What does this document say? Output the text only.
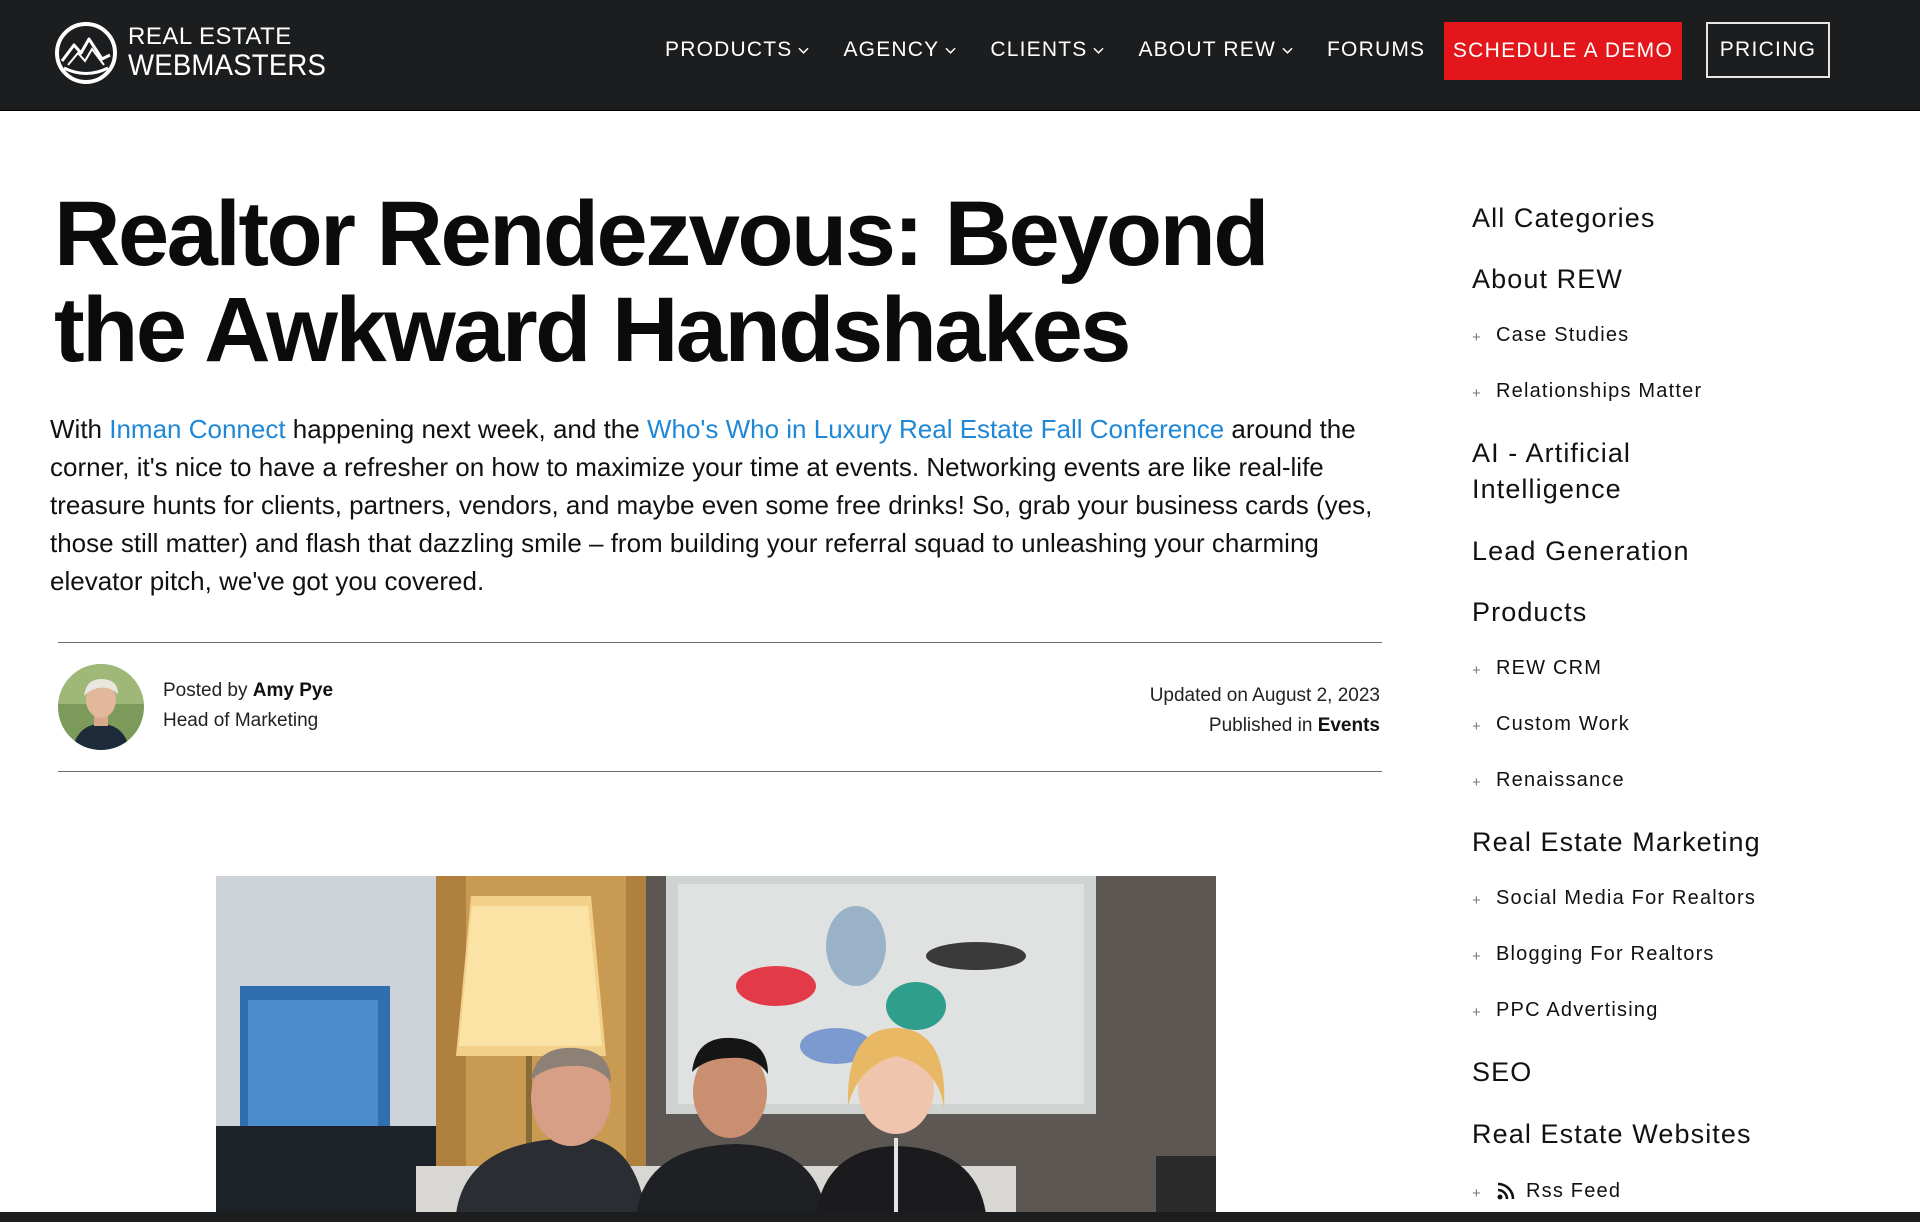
REAL ESTATE
WEBMASTERS	PRODUCTS AGENCY CLIENTS ABOUT REW FORUMS	SCHEDULE A DEMO	PRICING
Realtor Rendezvous: Beyond the Awkward Handshakes

With Inman Connect happening next week, and the Who's Who in Luxury Real Estate Fall Conference around the corner, it's nice to have a refresher on how to maximize your time at events. Networking events are like real-life treasure hunts for clients, partners, vendors, and maybe even some free drinks! So, grab your business cards (yes, those still matter) and flash that dazzling smile – from building your referral squad to unleashing your charming elevator pitch, we've got you covered.

Posted by Amy Pye
Head of Marketing
Updated on August 2, 2023
Published in Events
All Categories
About REW
+ Case Studies
+ Relationships Matter
AI - Artificial Intelligence
Lead Generation
Products
+ REW CRM
+ Custom Work
+ Renaissance
Real Estate Marketing
+ Social Media For Realtors
+ Blogging For Realtors
+ PPC Advertising
SEO
Real Estate Websites
+ Rss Feed
